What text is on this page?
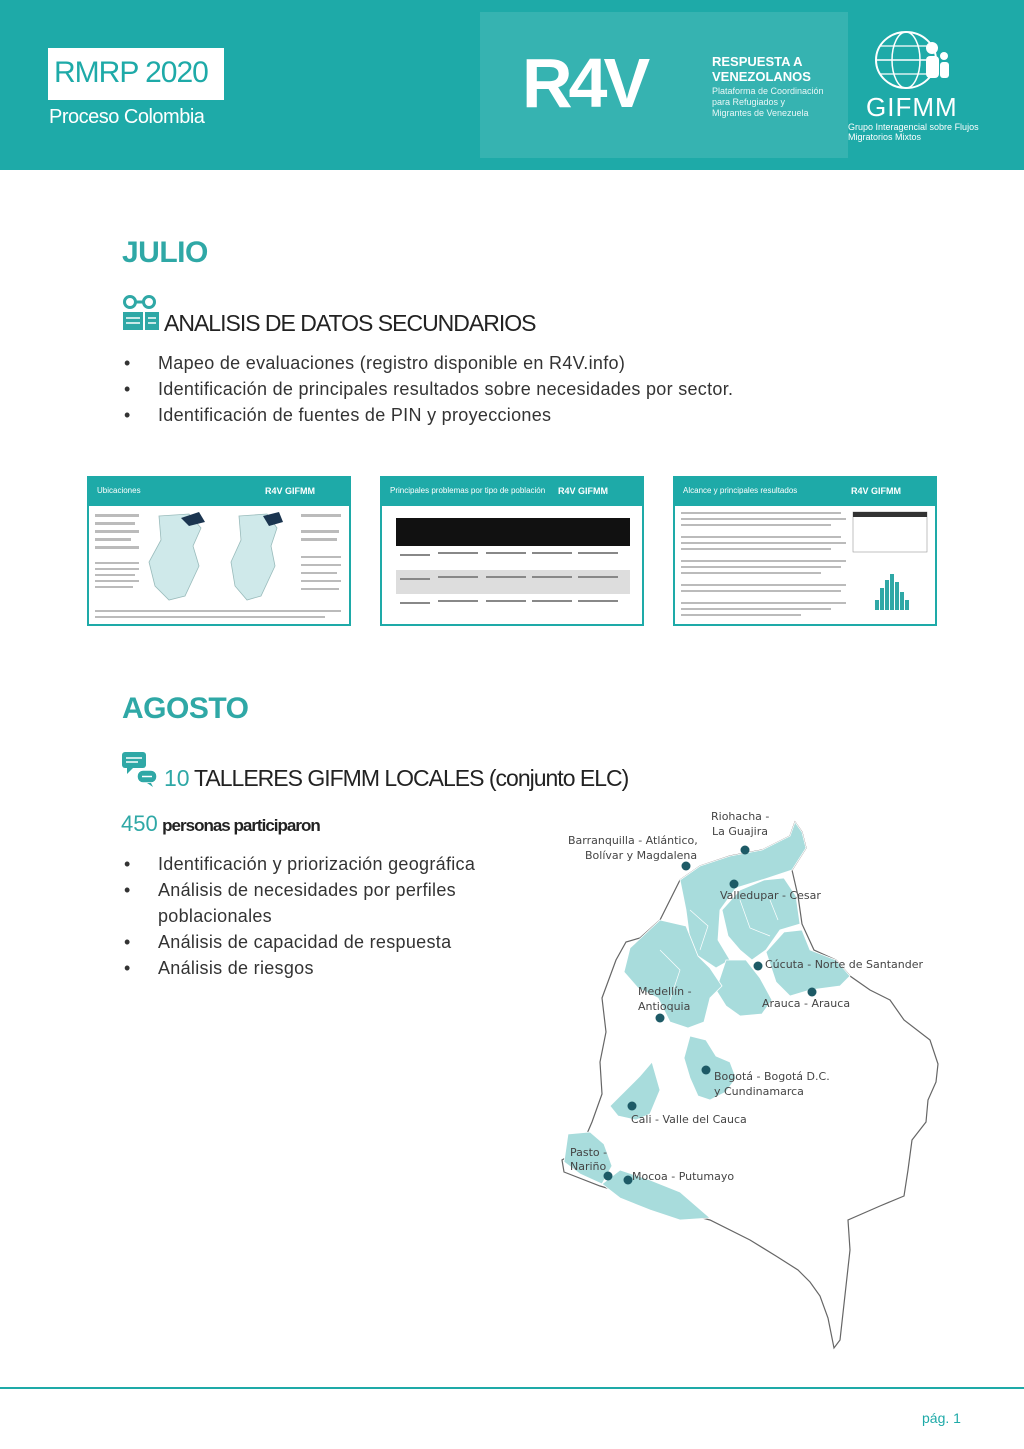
RMRP 2020
Proceso Colombia	R4V	RESPUESTA A VENEZOLANOS
Plataforma de Coordinación para Refugiados y Migrantes de Venezuela	GIFMM
Grupo Interagencial sobre Flujos Migratorios Mixtos
JULIO
ANALISIS DE DATOS SECUNDARIOS
• Mapeo de evaluaciones (registro disponible en R4V.info)
• Identificación de principales resultados sobre necesidades por sector.
• Identificación de fuentes de PIN y proyecciones
Ubicaciones	R4V GIFMM	Principales problemas por tipo de población R4V GIFMM	Alcance y principales resultados	R4V GIFMM
AGOSTO
10 TALLERES GIFMM LOCALES (conjunto ELC)
450 personas participaron
• Identificación y priorización geográfica
• Análisis de necesidades por perfiles poblacionales
• Análisis de capacidad de respuesta
• Análisis de riesgos
Riohacha -
La Guajira
Barranquilla - Atlántico,
Bolívar y Magdalena
Valledupar - Cesar
Cúcuta - Norte de Santander
Arauca - Arauca
Medellín -
Antioquia
Bogotá - Bogotá D.C.
y Cundinamarca
Cali - Valle del Cauca
Pasto -
Nariño
Mocoa - Putumayo
pág. 1
